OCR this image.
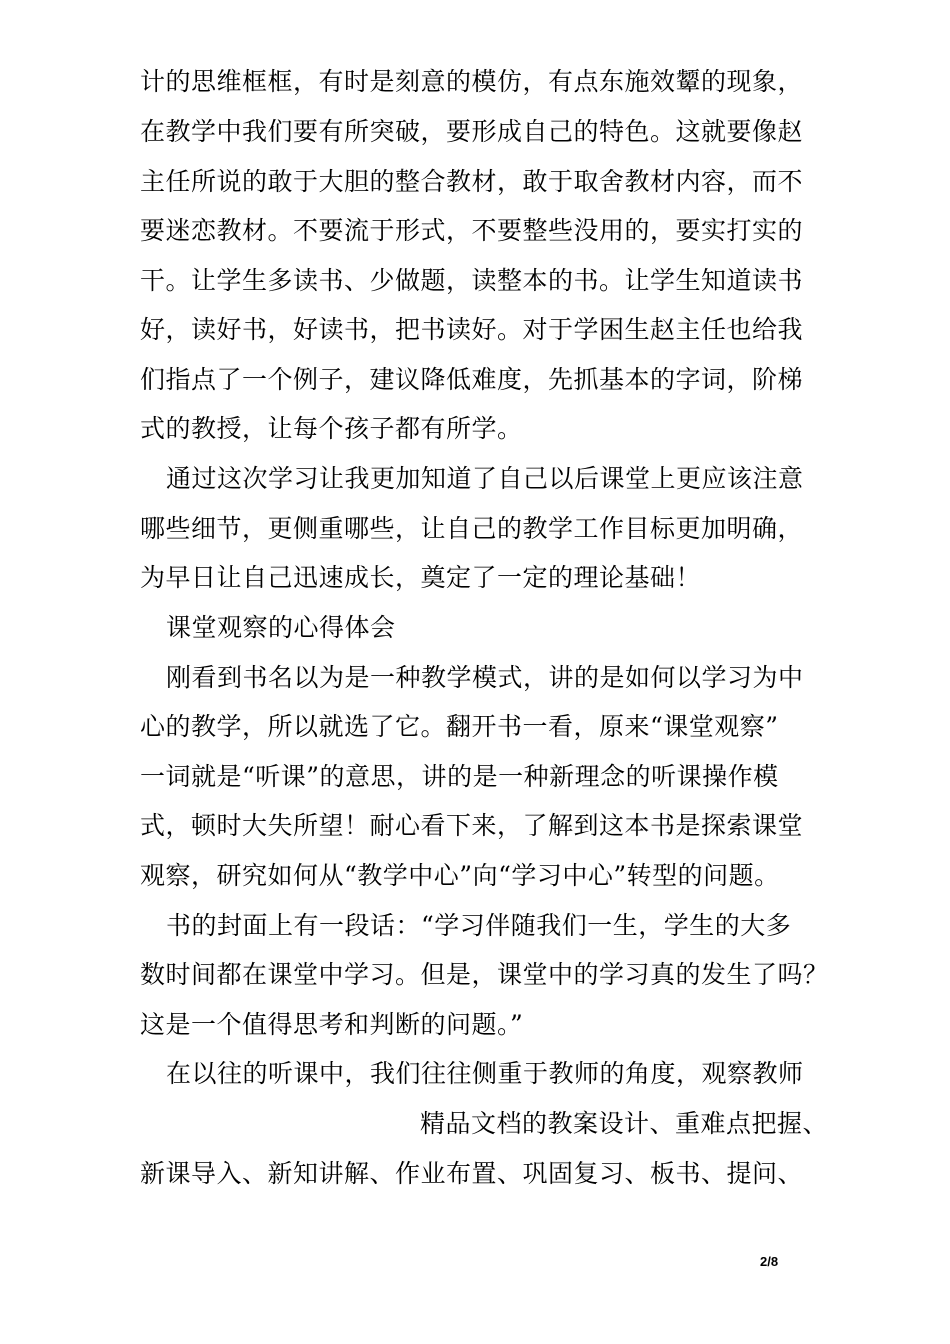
计的思维框框，有时是刻意的模仿，有点东施效颦的现象，
在教学中我们要有所突破，要形成自己的特色。这就要像赵
主任所说的敢于大胆的整合教材，敢于取舍教材内容，而不
要迷恋教材。不要流于形式，不要整些没用的，要实打实的
干。让学生多读书、少做题，读整本的书。让学生知道读书
好，读好书，好读书，把书读好。对于学困生赵主任也给我
们指点了一个例子，建议降低难度，先抓基本的字词，阶梯
式的教授，让每个孩子都有所学。
通过这次学习让我更加知道了自己以后课堂上更应该注意
哪些细节，更侧重哪些，让自己的教学工作目标更加明确，
为早日让自己迅速成长，奠定了一定的理论基础！
课堂观察的心得体会
刚看到书名以为是一种教学模式，讲的是如何以学习为中
心的教学，所以就选了它。翻开书一看，原来“课堂观察”
一词就是“听课”的意思，讲的是一种新理念的听课操作模
式，顿时大失所望！耐心看下来，了解到这本书是探索课堂
观察，研究如何从“教学中心”向“学习中心”转型的问题。
书的封面上有一段话：“学习伴随我们一生，学生的大多
数时间都在课堂中学习。但是，课堂中的学习真的发生了吗？
这是一个值得思考和判断的问题。”
在以往的听课中，我们往往侧重于教师的角度，观察教师
精品文档的教案设计、重难点把握、
新课导入、新知讲解、作业布置、巩固复习、板书、提问、
2/8
